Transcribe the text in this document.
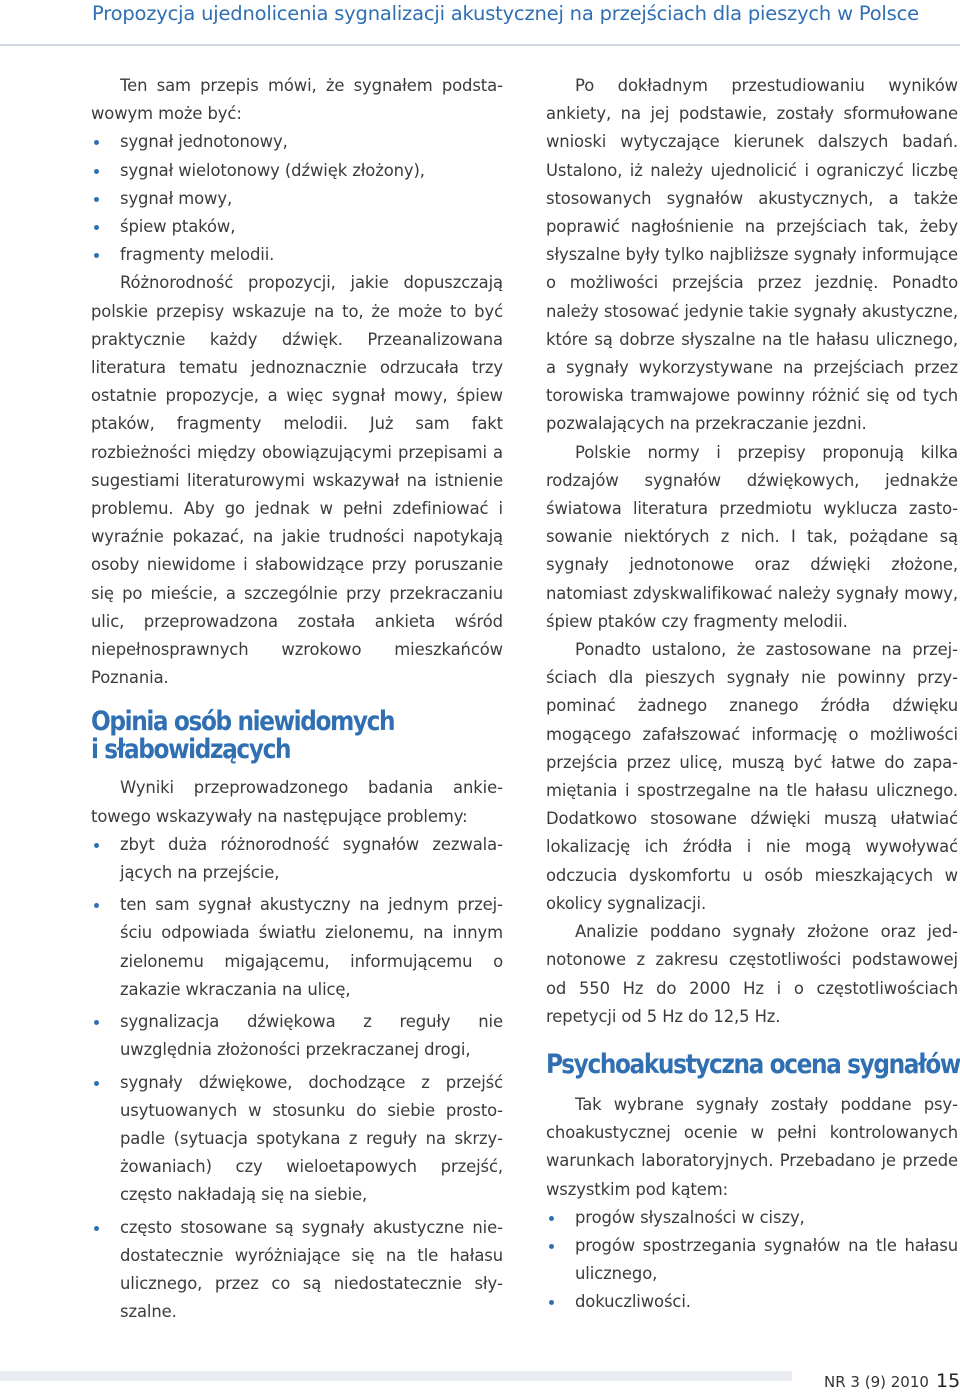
Propozycja ujednolicenia sygnalizacji akustycznej na przejściach dla pieszych w Polsce

Ten sam przepis mówi, że sygnałem podstawowym może być:

sygnał jednotonowy,
sygnał wielotonowy (dźwięk złożony),
sygnał mowy,
śpiew ptaków,
fragmenty melodii.

Różnorodność propozycji, jakie dopuszczają polskie przepisy wskazuje na to, że może to być praktycznie każdy dźwięk. Przeanalizowana literatura tematu jednoznacznie odrzucała trzy ostatnie propozycje, a więc sygnał mowy, śpiew ptaków, fragmenty melodii. Już sam fakt rozbieżności między obowiązującymi przepisami a sugestiami literaturowymi wskazywał na istnienie problemu. Aby go jednak w pełni zdefiniować i wyraźnie pokazać, na jakie trudności napotykają osoby niewidome i słabowidzące przy poruszanie się po mieście, a szczególnie przy przekraczaniu ulic, przeprowadzona została ankieta wśród niepełnosprawnych wzrokowo mieszkańców Poznania.

Opinia osób niewidomych
i słabowidzących

Wyniki przeprowadzonego badania ankietowego wskazywały na następujące problemy:

zbyt duża różnorodność sygnałów zezwalających na przejście,
ten sam sygnał akustyczny na jednym przejściu odpowiada światłu zielonemu, na innym zielonemu migającemu, informującemu o zakazie wkraczania na ulicę,
sygnalizacja dźwiękowa z reguły nie uwzględnia złożoności przekraczanej drogi,
sygnały dźwiękowe, dochodzące z przejść usytuowanych w stosunku do siebie prostopadle (sytuacja spotykana z reguły na skrzyżowaniach) czy wieloetapowych przejść, często nakładają się na siebie,
często stosowane są sygnały akustyczne niedostatecznie wyróżniające się na tle hałasu ulicznego, przez co są niedostatecznie słyszalne.

Po dokładnym przestudiowaniu wyników ankiety, na jej podstawie, zostały sformułowane wnioski wytyczające kierunek dalszych badań. Ustalono, iż należy ujednolicić i ograniczyć liczbę stosowanych sygnałów akustycznych, a także poprawić nagłośnienie na przejściach tak, żeby słyszalne były tylko najbliższe sygnały informujące o możliwości przejścia przez jezdnię. Ponadto należy stosować jedynie takie sygnały akustyczne, które są dobrze słyszalne na tle hałasu ulicznego, a sygnały wykorzystywane na przejściach przez torowiska tramwajowe powinny różnić się od tych pozwalających na przekraczanie jezdni.

Polskie normy i przepisy proponują kilka rodzajów sygnałów dźwiękowych, jednakże światowa literatura przedmiotu wyklucza zastosowanie niektórych z nich. I tak, pożądane są sygnały jednotonowe oraz dźwięki złożone, natomiast zdyskwalifikować należy sygnały mowy, śpiew ptaków czy fragmenty melodii.

Ponadto ustalono, że zastosowane na przejściach dla pieszych sygnały nie powinny przypominać żadnego znanego źródła dźwięku mogącego zafałszować informację o możliwości przejścia przez ulicę, muszą być łatwe do zapamiętania i spostrzegalne na tle hałasu ulicznego. Dodatkowo stosowane dźwięki muszą ułatwiać lokalizację ich źródła i nie mogą wywoływać odczucia dyskomfortu u osób mieszkających w okolicy sygnalizacji.

Analizie poddano sygnały złożone oraz jednotonowe z zakresu częstotliwości podstawowej od 550 Hz do 2000 Hz i o częstotliwościach repetycji od 5 Hz do 12,5 Hz.

Psychoakustyczna ocena sygnałów

Tak wybrane sygnały zostały poddane psychoakustycznej ocenie w pełni kontrolowanych warunkach laboratoryjnych. Przebadano je przede wszystkim pod kątem:

progów słyszalności w ciszy,
progów spostrzegania sygnałów na tle hałasu ulicznego,
dokuczliwości.
NR 3 (9) 2010 15
